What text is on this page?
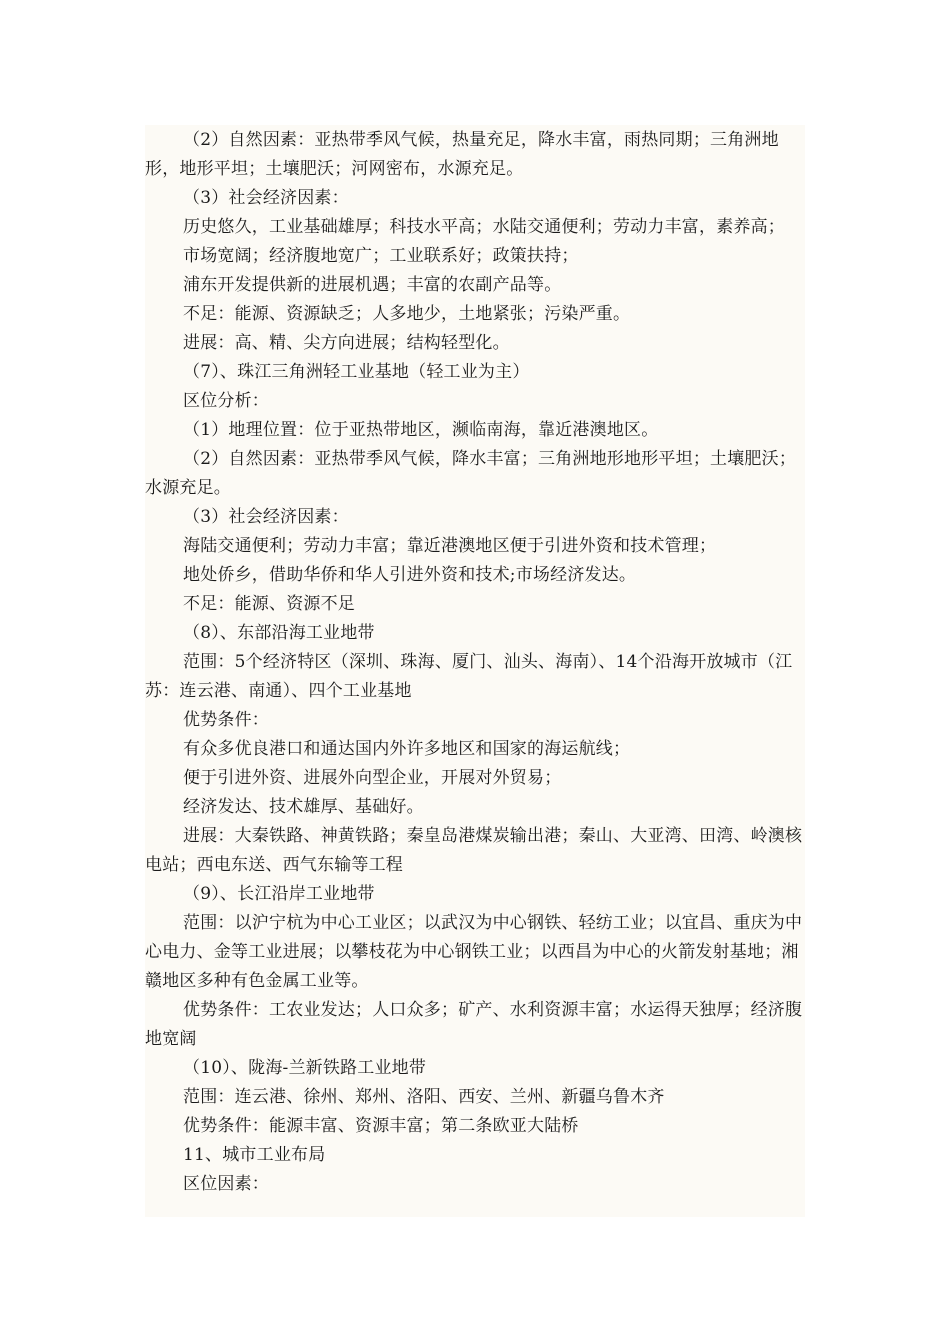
（2）自然因素：亚热带季风气候，热量充足，降水丰富，雨热同期；三角洲地形，地形平坦；土壤肥沃；河网密布，水源充足。

（3）社会经济因素：

历史悠久，工业基础雄厚；科技水平高；水陆交通便利；劳动力丰富，素养高；

市场宽阔；经济腹地宽广；工业联系好；政策扶持；

浦东开发提供新的进展机遇；丰富的农副产品等。

不足：能源、资源缺乏；人多地少，土地紧张；污染严重。

进展：高、精、尖方向进展；结构轻型化。

（7）、珠江三角洲轻工业基地（轻工业为主）

区位分析：

（1）地理位置：位于亚热带地区，濒临南海，靠近港澳地区。

（2）自然因素：亚热带季风气候，降水丰富；三角洲地形地形平坦；土壤肥沃；水源充足。

（3）社会经济因素：

海陆交通便利；劳动力丰富；靠近港澳地区便于引进外资和技术管理；

地处侨乡，借助华侨和华人引进外资和技术;市场经济发达。

不足：能源、资源不足

（8）、东部沿海工业地带

范围：5个经济特区（深圳、珠海、厦门、汕头、海南）、14个沿海开放城市（江苏：连云港、南通）、四个工业基地

优势条件：

有众多优良港口和通达国内外许多地区和国家的海运航线；

便于引进外资、进展外向型企业，开展对外贸易；

经济发达、技术雄厚、基础好。

进展：大秦铁路、神黄铁路；秦皇岛港煤炭输出港；秦山、大亚湾、田湾、岭澳核电站；西电东送、西气东输等工程

（9）、长江沿岸工业地带

范围：以沪宁杭为中心工业区；以武汉为中心钢铁、轻纺工业；以宜昌、重庆为中心电力、金等工业进展；以攀枝花为中心钢铁工业；以西昌为中心的火箭发射基地；湘赣地区多种有色金属工业等。

优势条件：工农业发达；人口众多；矿产、水利资源丰富；水运得天独厚；经济腹地宽阔

（10）、陇海-兰新铁路工业地带

范围：连云港、徐州、郑州、洛阳、西安、兰州、新疆乌鲁木齐

优势条件：能源丰富、资源丰富；第二条欧亚大陆桥

11、城市工业布局

区位因素：
